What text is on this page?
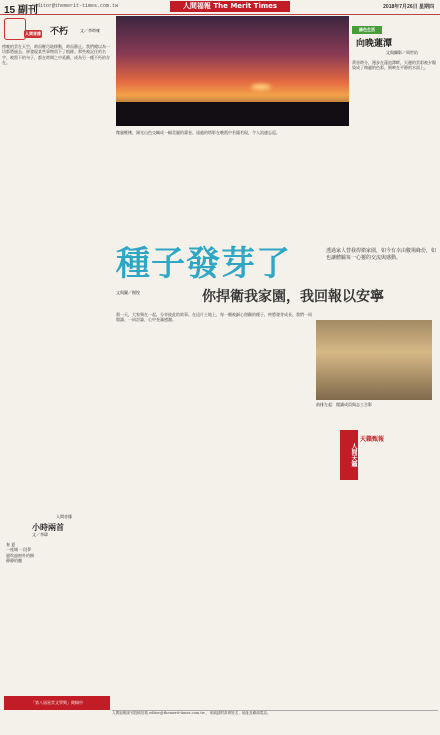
15 副刊
editor@themerit-times.com.tw	人間福報 The Merit Times	2018年7月26日 星期四
人間音緣 不朽	文／李時雍
傍晚的雲在天空，時而輕巧地移動，時而靜止。我們總以為一切都將過去，卻發現某些事物留下了痕跡。那些被記住的名字、被寫下的句子，都在時間之中延續，成為另一種不朽的存在。
綠色生活
向晚蓮潭
文與攝影／周世佑
黃昏時分，漫步在蓮池潭畔，天邊的雲彩被夕陽染成了絢麗的色彩，倒映在平靜的水面上。
微風輕拂，湖光山色交織成一幅美麗的畫卷。遠處的塔影在晚霞中若隱若現，令人流連忘返。
種子發芽了
文與圖／楊悅	你捍衛我家園，我回報以安寧
透過家人替我捍衛家園，如今有幸由數場緣份，如也讓體驗每一心靈的交流與感動。
那一天，大家聚在一起，分享彼此的故事。在這片土地上，每一顆被細心照顧的種子，終將發芽成長。我們一同閱讀、一同討論，心中充滿感謝。
前排左起：閱讀成員與志工合影
人間天籟
天籟甄報
人間音緣
小時兩首
文／李瑋
春 夏
一座城 一段夢
風吹過窗外的樹
靜靜的聽
「第八屆星雲文學獎」徵稿中
人間福報副刊投稿信箱 editor@themerit-times.com.tw ，來稿請附真實姓名、地址及聯絡電話。
